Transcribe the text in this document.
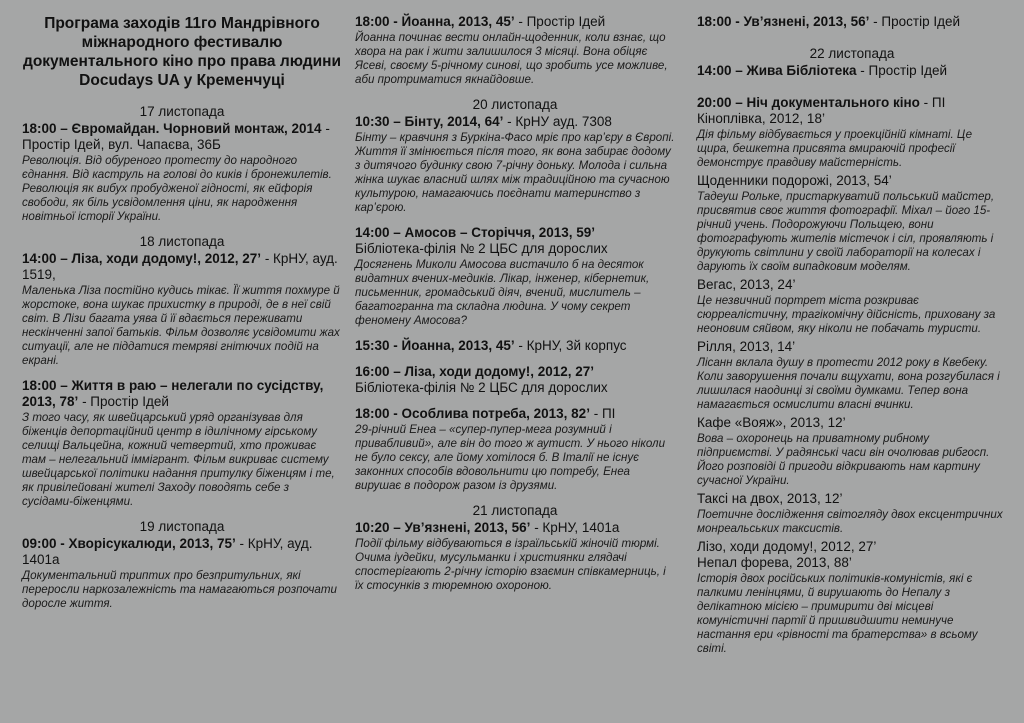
Програма заходів 11го Мандрівного міжнародного фестивалю документального кіно про права людини Docudays UA у Кременчуці
17 листопада
18:00 – Євромайдан. Чорновий монтаж, 2014 - Простір Ідей, вул. Чапаєва, 36Б
Революція. Від обуреного протесту до народного єднання. Від каструль на голові до киків і бронежилетів. Революція як вибух пробудженої гідності, як ейфорія свободи, як біль усвідомлення ціни, як народження новітньої історії України.
18 листопада
14:00 – Ліза, ходи додому!, 2012, 27’ - КрНУ, ауд. 1519,
Маленька Ліза постійно кудись тікає. Її життя похмуре й жорстоке, вона шукає прихистку в природі, де в неї свій світ. В Лізи багата уява й її вдається переживати нескінченні запої батьків. Фільм дозволяє усвідомити жах ситуації, але не піддатися темряві гнітючих подій на екрані.
18:00 – Життя в раю – нелегали по сусідству, 2013, 78’ - Простір Ідей
З того часу, як швейцарський уряд організував для біженців депортаційний центр в ідилічному гірському селищі Вальцейна, кожний четвертий, хто проживає там – нелегальний іммігрант. Фільм викриває систему швейцарської політики надання притулку біженцям і те, як привілейовані жителі Заходу поводять себе з сусідами-біженцями.
19 листопада
09:00 - Хворісукалюди, 2013, 75’ - КрНУ, ауд. 1401а
Документальний триптих про безпритульних, які переросли наркозалежність та намагаються розпочати доросле життя.
18:00 - Йоанна, 2013, 45’ - Простір Ідей
Йоанна починає вести онлайн-щоденник, коли взнає, що хвора на рак і жити залишилося 3 місяці. Вона обіцяє Ясеві, своєму 5-річному синові, що зробить усе можливе, аби протриматися якнайдовше.
20 листопада
10:30 – Бінту, 2014, 64’ - КрНУ ауд. 7308
Бінту – кравчиня з Буркіна-Фасо мріє про кар’єру в Європі. Життя її змінюється після того, як вона забирає додому з дитячого будинку свою 7-річну доньку. Молода і сильна жінка шукає власний шлях між традиційною та сучасною культурою, намагаючись поєднати материнство з кар’єрою.
14:00 – Амосов – Сторіччя, 2013, 59’
Бібліотека-філія № 2 ЦБС для дорослих
Досягнень Миколи Амосова вистачило б на десяток видатних вчених-медиків. Лікар, інженер, кібернетик, письменник, громадський діяч, вчений, мислитель – багатогранна та складна людина. У чому секрет феномену Амосова?
15:30 - Йоанна, 2013, 45’ - КрНУ, 3й корпус
16:00 – Ліза, ходи додому!, 2012, 27’
Бібліотека-філія № 2 ЦБС для дорослих
18:00 - Особлива потреба, 2013, 82’ - ПІ
29-річний Енеа – «супер-пупер-мега розумний і привабливий», але він до того ж аутист. У нього ніколи не було сексу, але йому хотілося б. В Італії не існує законних способів вдовольнити цю потребу, Енеа вирушає в подорож разом із друзями.
21 листопада
10:20 – Ув’язнені, 2013, 56’ - КрНУ, 1401а
Події фільму відбуваються в ізраїльській жіночій тюрмі. Очима іудейки, мусульманки і християнки глядачі спостерігають 2-річну історію взаємин співкамерниць, і їх стосунків з тюремною охороною.
18:00 - Ув’язнені, 2013, 56’ - Простір Ідей
22 листопада
14:00 – Жива Бібліотека - Простір Ідей
20:00 – Ніч документального кіно - ПІ
Кіноплівка, 2012, 18’
Дія фільму відбувається у проекційній кімнаті. Це щира, бешкетна присвята вмираючій професії демонструє правдиву майстерність.
Щоденники подорожі, 2013, 54’
Тадеуш Рольке, пристаркуватий польський майстер, присвятив своє життя фотографії. Міхал – його 15-річний учень. Подорожуючи Польщею, вони фотографують жителів містечок і сіл, проявляють і друкують світлини у своїй лабораторії на колесах і дарують їх своїм випадковим моделям.
Вегас, 2013, 24’
Це незвичний портрет міста розкриває сюрреалістичну, трагікомічну дійсність, приховану за неоновим сяйвом, яку ніколи не побачать туристи.
Рілля, 2013, 14’
Лісанн вклала душу в протести 2012 року в Квебеку. Коли заворушення почали вщухати, вона розгубилася і лишилася наодинці зі своїми думками. Тепер вона намагається осмислити власні вчинки.
Кафе «Вояж», 2013, 12’
Вова – охоронець на приватному рибному підприємстві. У радянські часи він очолював рибгосп. Його розповіді й пригоди відкривають нам картину сучасної України.
Таксі на двох, 2013, 12’
Поетичне дослідження світогляду двох ексцентричних монреальських таксистів.
Лізо, ходи додому!, 2012, 27’
Непал форева, 2013, 88’
Історія двох російських політиків-комуністів, які є палкими ленінцями, й вирушають до Непалу з делікатною місією – примирити дві місцеві комуністичні партії й пришвидшити неминуче настання ери «рівності та братерства» в всьому світі.
